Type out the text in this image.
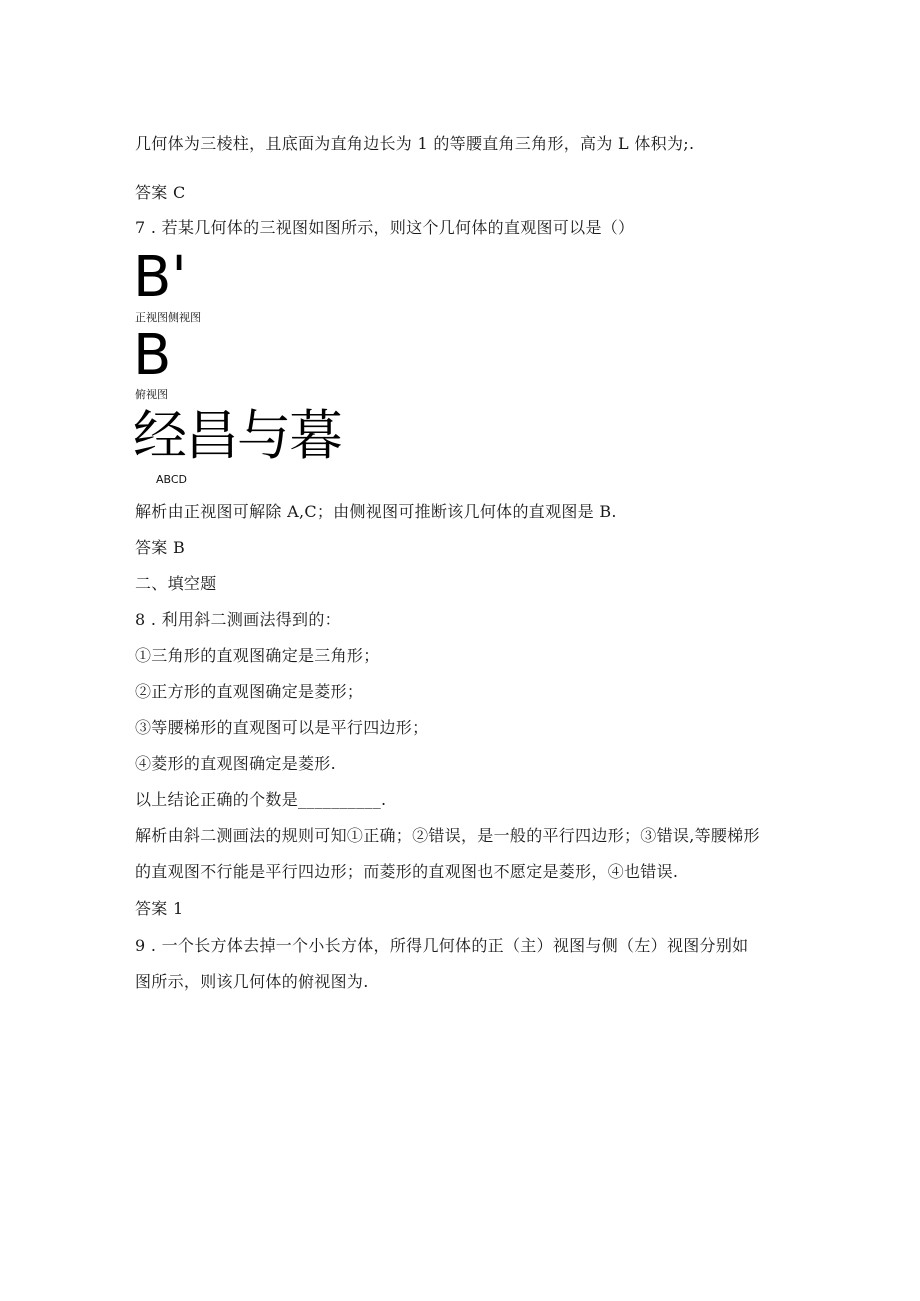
几何体为三棱柱，且底面为直角边长为 1 的等腰直角三角形，高为 L 体积为;.
答案 C
7 . 若某几何体的三视图如图所示，则这个几何体的直观图可以是（）
B'
正视图侧视图
B
俯视图
经昌与暮
ABCD
解析由正视图可解除 A,C；由侧视图可推断该几何体的直观图是 B.
答案 B
二、填空题
8 . 利用斜二测画法得到的：
①三角形的直观图确定是三角形；
②正方形的直观图确定是菱形；
③等腰梯形的直观图可以是平行四边形；
④菱形的直观图确定是菱形.
以上结论正确的个数是__________.
解析由斜二测画法的规则可知①正确；②错误，是一般的平行四边形；③错误,等腰梯形
的直观图不行能是平行四边形；而菱形的直观图也不愿定是菱形，④也错误.
答案 1
9 . 一个长方体去掉一个小长方体，所得几何体的正（主）视图与侧（左）视图分别如
图所示，则该几何体的俯视图为.
